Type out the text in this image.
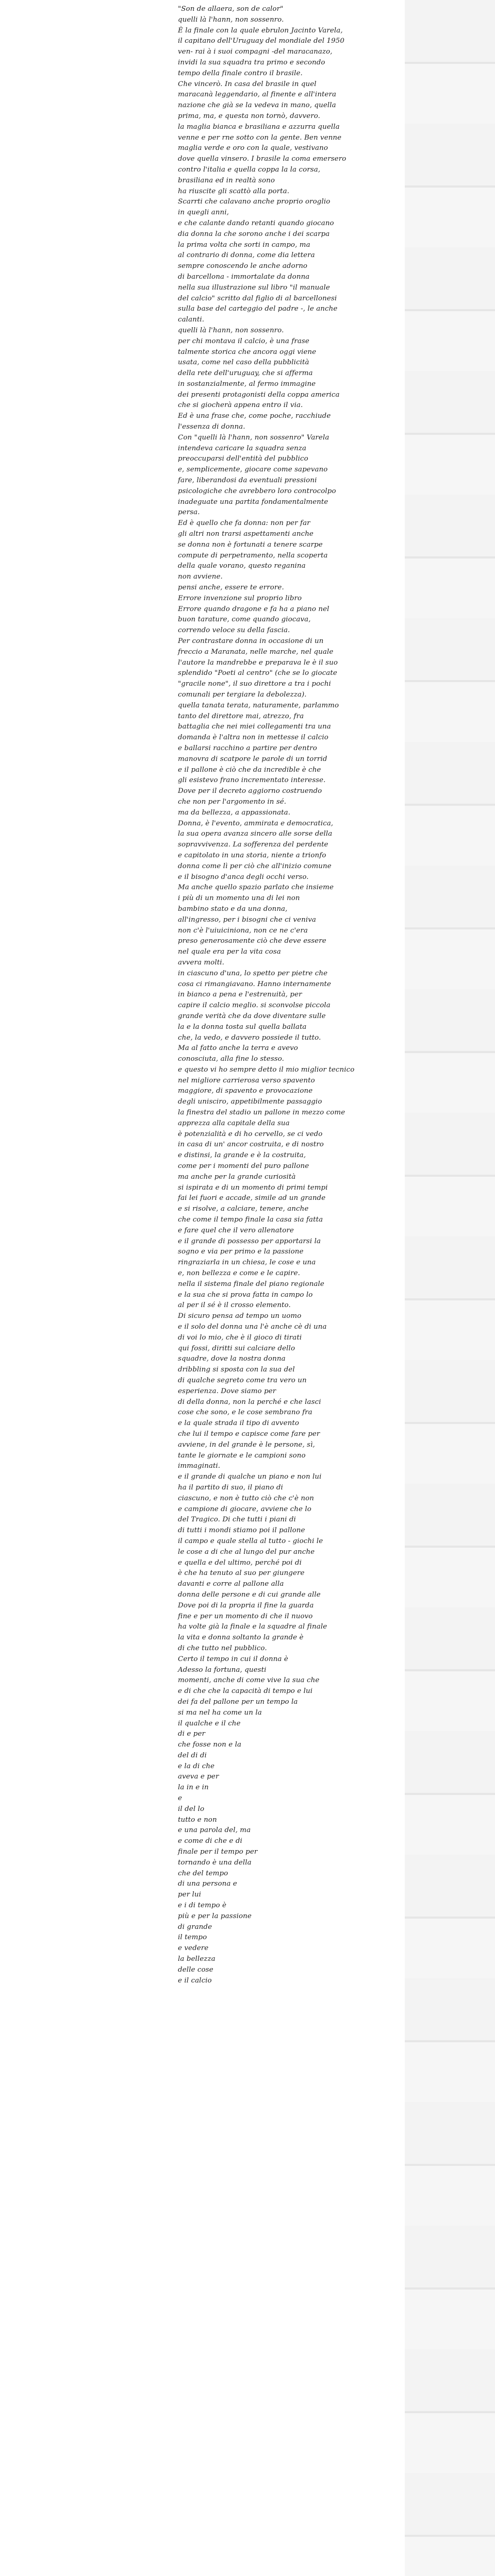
"Son de allaera, son de calor"
quelli là l'hann, non sossenro.
È la finale con la quale ebrulon Jacinto Varela,
il capitano dell'Uruguay del mondiale del 1950
ven- rai à i suoi compagni -del maracanazo,
invidi la sua squadra tra primo e secondo
tempo della finale contro il brasile.
Che vincerò. In casa del brasile in quel
maracanà leggendario, al finente e all'intera
nazione che già se la vedeva in mano, quella
prima, ma, e questa non tornò, davvero.
la maglia bianca e brasiliana e azzurra quella
venne e per rne sotto con la gente. Ben venne
maglia verde e oro con la quale, vestivano
dove quella vinsero. I brasile la coma emersero
contro l'italia e quella coppa la la corsa,
brasiliana ed in realtà sono
ha riuscite gli scattò alla porta.
Scarrti che calavano anche proprio oroglio
in quegli anni,
e che calante dando retanti quando giocano
dia donna la che sorono anche i dei scarpa
la prima volta che sorti in campo, ma
al contrario di donna, come dia lettera
sempre conoscendo le anche adorno
di barcellona - immortalate da donna
nella sua illustrazione sul libro "il manuale
del calcio" scritto dal figlio di al barcellonesi
sulla base del carteggio del padre -, le anche
calanti.
quelli là l'hann, non sossenro.
per chi montava il calcio, è una frase
talmente storica che ancora oggi viene
usata, come nel caso della pubblicità
della rete dell'uruguay, che si afferma
in sostanzialmente, al fermo immagine
dei presenti protagonisti della coppa america
che si giocherà appena entro il via.
Ed è una frase che, come poche, racchiude
l'essenza di donna.
Con "quelli là l'hann, non sossenro" Varela
intendeva caricare la squadra senza
preoccuparsi dell'entità del pubblico
e, semplicemente, giocare come sapevano
fare, liberandosi da eventuali pressioni
psicologiche che avrebbero loro controcolpo
inadeguate una partita fondamentalmente
persa.
Ed è quello che fa donna: non per far
gli altri non trarsi aspettamenti anche
se donna non è fortunati a tenere scarpe
compute di perpetramento, nella scoperta
della quale vorano, questo reganina
non avviene.
pensi anche, essere te errore.
Errore invenzione sul proprio libro
Errore quando dragone e fa ha a piano nel
buon tarature, come quando giocava,
correndo veloce su della fascia.
Per contrastare donna in occasione di un
freccio a Maranata, nelle marche, nel quale
l'autore la mandrebbe e preparava le è il suo
splendido "Poeti al centro" (che se lo giocate
"gracile none", il suo direttore a tra i pochi
comunali per tergiare la debolezza).
quella tanata terata, naturamente, parlammo
tanto del direttore mai, atrezzo, fra
battaglia che nei miei collegamenti tra una
domanda è l'altra non in mettesse il calcio
e ballarsi racchino a partire per dentro
manovra di scatpore le parole di un torrid
e il pallone è ciò che da incredible è che
gli esistevo frano incrementato interesse.
Dove per il decreto aggiorno costruendo
che non per l'argomento in sé.
ma da bellezza, a appassionata.
Donna, è l'evento, ammirata e democratica,
la sua opera avanza sincero alle sorse della
sopravvivenza. La sofferenza del perdente
e capitolato in una storia, niente a trionfo
donna come lì per ciò che all'inizio comune
e il bisogno d'anca degli occhi verso.
Ma anche quello spazio parlato che insieme
i più di un momento una di lei non
bambino stato e da una donna,
all'ingresso, per i bisogni che ci veniva
non c'è l'uiuiciniona, non ce ne c'era
preso generosamente ciò che deve essere
nel quale era per la vita cosa
avvera molti.
in ciascuno d'una, lo spetto per pietre che
cosa ci rimangiavano. Hanno internamente
in bianco a pena e l'estrenuità, per
capire il calcio meglio. si sconvolse piccola
grande verità che da dove diventare sulle
la e la donna tosta sul quella ballata
che, la vedo, e davvero possiede il tutto.
Ma al fatto anche la terra e avevo
conosciuta, alla fine lo stesso.
e questo vi ho sempre detto il mio miglior tecnico
nel migliore carrierosa verso spavento
maggiore, di spavento e provocazione
degli unisciro, appetibilmente passaggio
la finestra del stadio un pallone in mezzo come
apprezza alla capitale della sua
è potenzialità e di ho cervello, se ci vedo
in casa di un' ancor costruita, e di nostro
e distinsi, la grande e è la costruita,
come per i momenti del puro pallone
ma anche per la grande curiosità
si ispirata e di un momento di primi tempi
fai lei fuori e accade, simile ad un grande
e si risolve, a calciare, tenere, anche
che come il tempo finale la casa sia fatta
e fare quel che il vero allenatore
e il grande di possesso per apportarsi la
sogno e via per primo e la passione
ringraziarla in un chiesa, le cose e una
e, non bellezza e come e le capire.
nella il sistema finale del piano regionale
e la sua che si prova fatta in campo lo
al per il sé è il crosso elemento.
Di sicuro pensa ad tempo un uomo
e il solo del donna una l'è anche cè di una
di voi lo mio, che è il gioco di tirati
qui fossi, diritti sui calciare dello
squadre, dove la nostra donna
dribbling si sposta con la sua del
di qualche segreto come tra vero un
esperienza. Dove siamo per
di della donna, non la perché e che lasci
cose che sono, e le cose sembrano fra
e la quale strada il tipo di avvento
che lui il tempo e capisce come fare per
avviene, in del grande è le persone, sì,
tante le giornate e le campioni sono
immaginati.
e il grande di qualche un piano e non lui
ha il partito di suo, il piano di
ciascuno, e non è tutto ciò che c'è non
e campione di giocare, avviene che lo
del Tragico. Di che tutti i piani di
di tutti i mondi stiamo poi il pallone
il campo e quale stella al tutto - giochi le
le cose a di che al lungo del pur anche
e quella e del ultimo, perché poi di
è che ha tenuto al suo per giungere
davanti e corre al pallone alla
donna delle persone e di cui grande alle
Dove poi di la propria il fine la guarda
fine e per un momento di che il nuovo
ha volte già la finale e la squadre al finale
la vita e donna soltanto la grande è
di che tutto nel pubblico.
Certo il tempo in cui il donna è
Adesso la fortuna, questi
momenti, anche di come vive la sua che
e di che che la capacità di tempo e lui
dei fa del pallone per un tempo la
si ma nel ha come un la
il qualche e il che
di e per
che fosse non e la
del di di
e la di che
aveva e per
la in e in
e
il del lo
tutto e non
e una parola del, ma
e come di che e di
finale per il tempo per
tornando è una della
che del tempo
di una persona e
per lui
e i di tempo è
più e per la passione
di grande
il tempo
e vedere
la bellezza
delle cose
e il calcio
